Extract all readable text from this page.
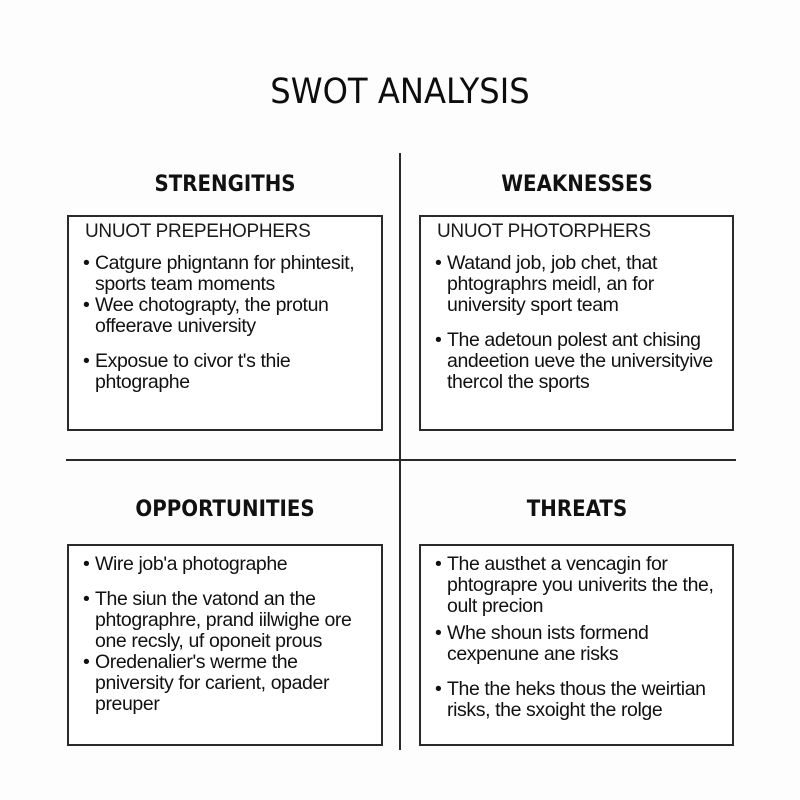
SWOT ANALYSIS
STRENGITHS
UNUOT PREPEHOPHERS
• Catgure phigntann for phintesit, sports team moments
• Wee chotograpty, the protun offeerave university
• Exposue to civor t's thie phtographe
WEAKNESSES
UNUOT PHOTORPHERS
• Watand job, job chet, that phtographrs meidl, an for university sport team
• The adetoun polest ant chising andeetion ueve the universityive thercol the sports
OPPORTUNITIES
• Wire job'a photographe
• The siun the vatond an the phtographre, prand iilwighe ore one recsly, uf oponeit prous
• Oredenalier's werme the pniversity for carient, opader preuper
THREATS
• The austhet a vencagin for phtograpre you univerits the the, oult precion
• Whe shoun ists formend cexpenune ane risks
• The the heks thous the weirtian risks, the sxoight the rolge
